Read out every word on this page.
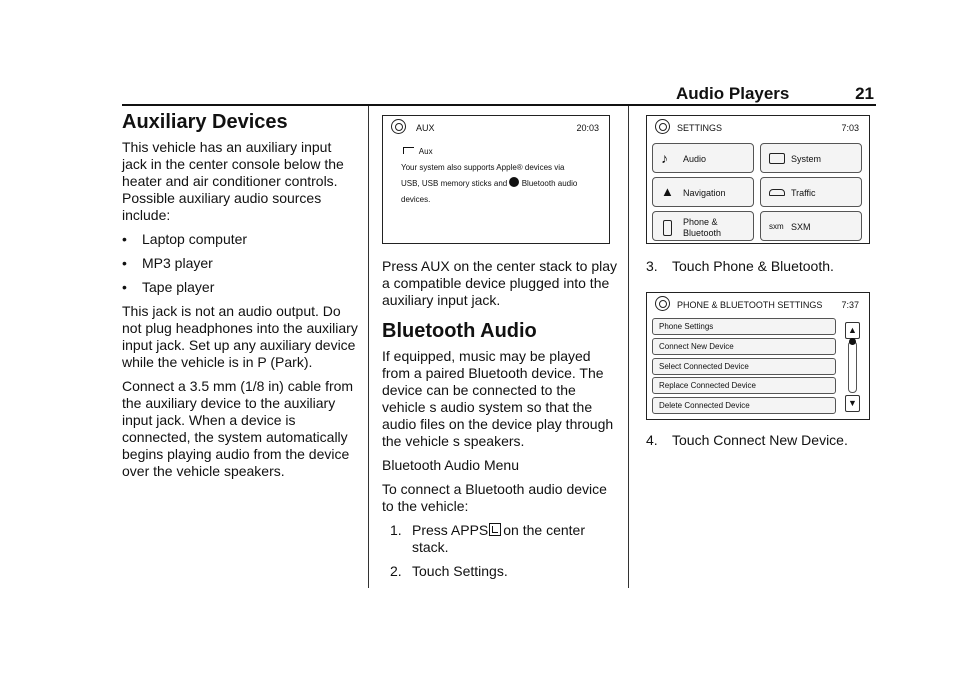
Audio Players	21
Auxiliary Devices

This vehicle has an auxiliary input jack in the center console below the heater and air conditioner controls. Possible auxiliary audio sources include:

• Laptop computer
• MP3 player
• Tape player

This jack is not an audio output. Do not plug headphones into the auxiliary input jack. Set up any auxiliary device while the vehicle is in P (Park).

Connect a 3.5 mm (1/8 in) cable from the auxiliary device to the auxiliary input jack. When a device is connected, the system automatically begins playing audio from the device over the vehicle speakers.

AUX	20:03
Aux
Your system also supports Apple® devices via
USB, USB memory sticks and Bluetooth audio
devices.

Press AUX on the center stack to play a compatible device plugged into the auxiliary input jack.

Bluetooth Audio

If equipped, music may be played from a paired Bluetooth device. The device can be connected to the vehicle s audio system so that the audio files on the device play through the vehicle s speakers.

Bluetooth Audio Menu

To connect a Bluetooth audio device to the vehicle:

1. Press APPS on the center stack.
2. Touch Settings.
SETTINGS	7:03
♪	Audio	System
▲ Navigation	Traffic
Phone &
Bluetooth
sxm SXM
3. Touch Phone & Bluetooth.
PHONE & BLUETOOTH SETTINGS 7:37
Phone Settings
Connect New Device
Select Connected Device
Replace Connected Device
Delete Connected Device
▲
▼
4. Touch Connect New Device.
